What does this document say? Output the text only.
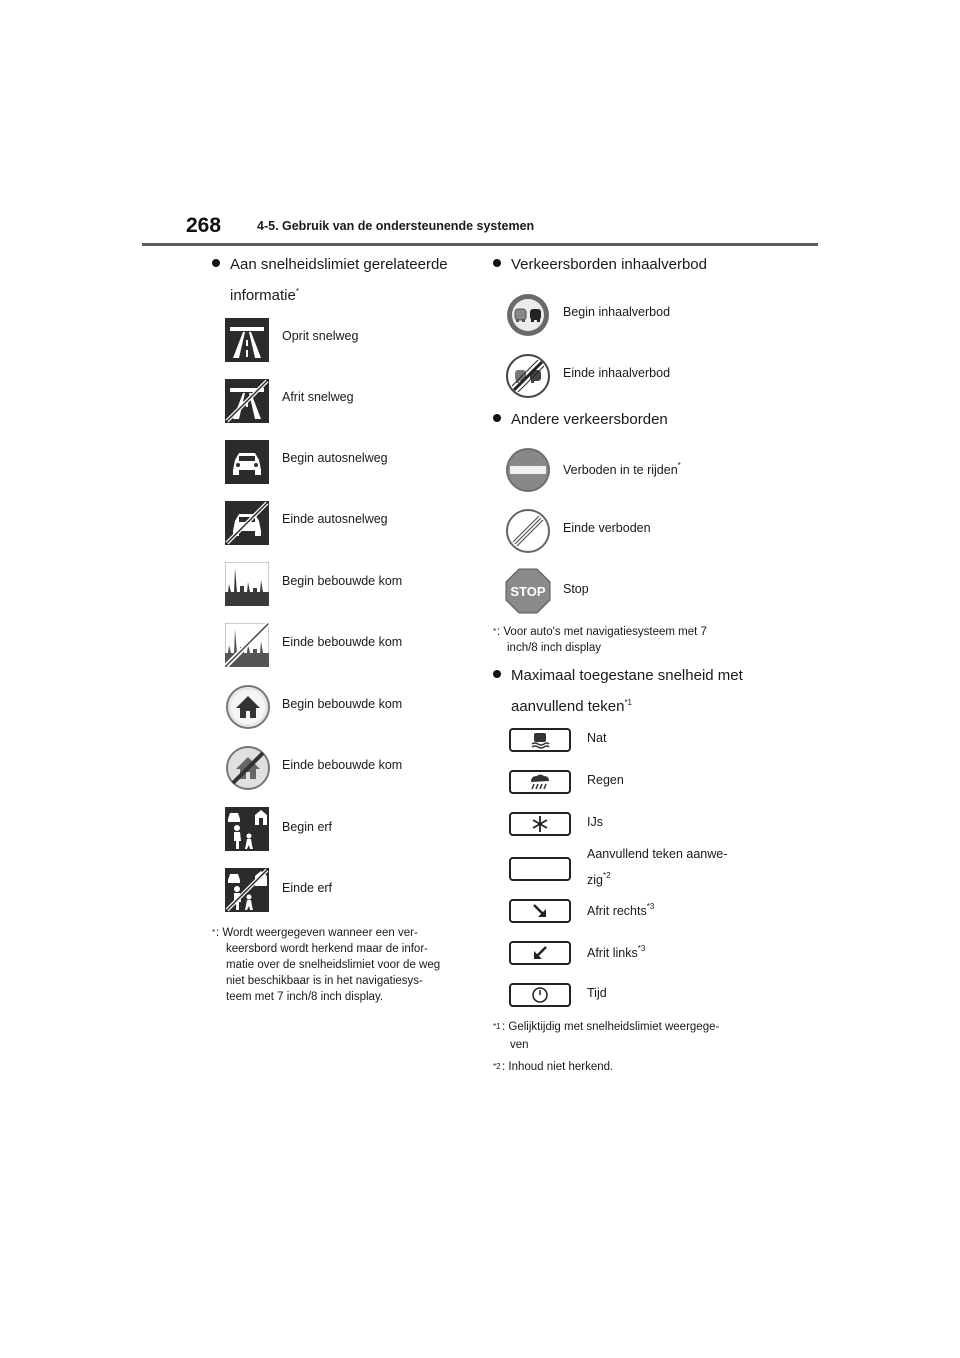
268	4-5. Gebruik van de ondersteunende systemen
Aan snelheidslimiet gerelateerde
informatie*
Oprit snelweg
Afrit snelweg
Begin autosnelweg
Einde autosnelweg
Begin bebouwde kom
Einde bebouwde kom
Begin bebouwde kom
Einde bebouwde kom
Begin erf
Einde erf
* : Wordt weergegeven wanneer een ver-
keersbord wordt herkend maar de infor-
matie over de snelheidslimiet voor de weg
niet beschikbaar is in het navigatiesys-
teem met 7 inch/8 inch display.
Verkeersborden inhaalverbod
Begin inhaalverbod
Einde inhaalverbod
Andere verkeersborden
Verboden in te rijden*
Einde verboden
STOP Stop
* : Voor auto's met navigatiesysteem met 7
inch/8 inch display
Maximaal toegestane snelheid met
aanvullend teken$^{*1}$
Nat
Regen
IJs
Aanvullend teken aanwe-
zig$^{*2}$
Afrit rechts$^{*3}$
Afrit links$^{*3}$
Tijd
$^{*1}$ : Gelijktijdig met snelheidslimiet weergege-
ven
$^{*2}$ : Inhoud niet herkend.
